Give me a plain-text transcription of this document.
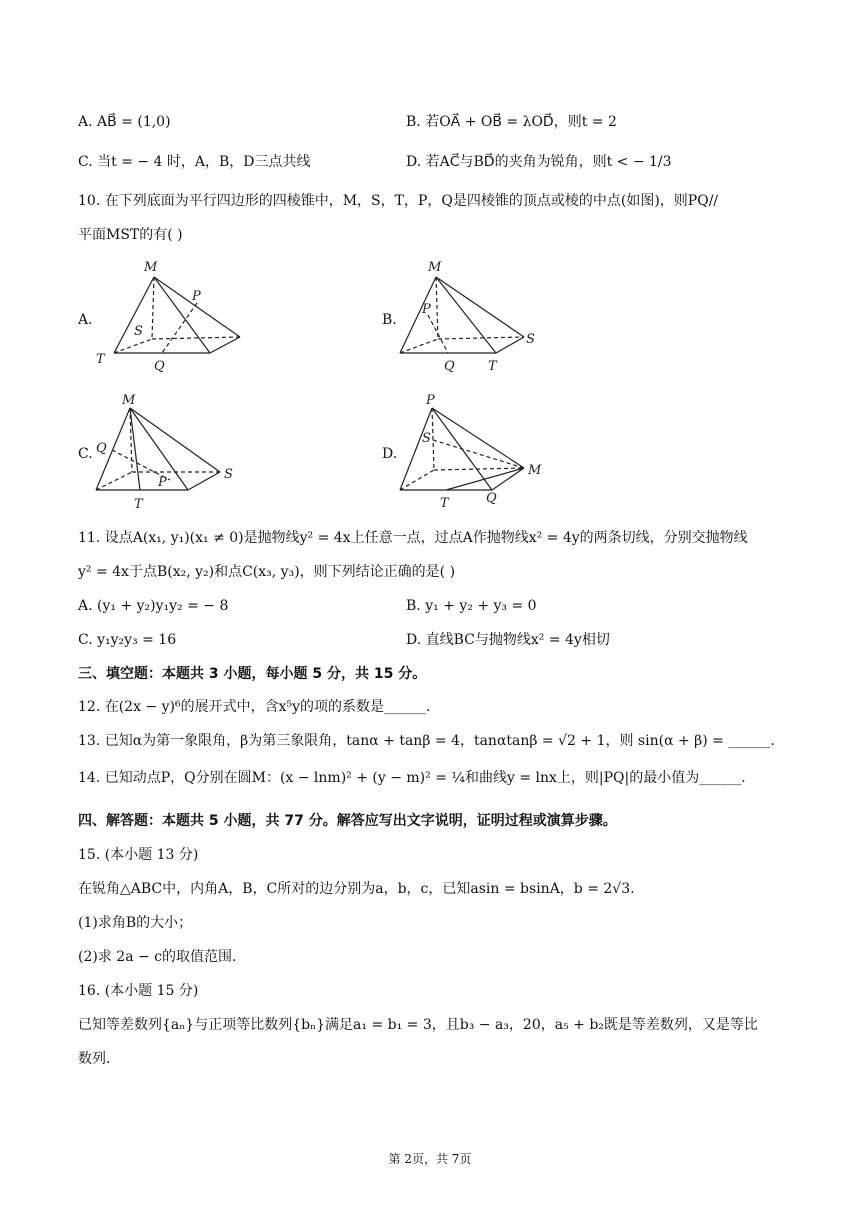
A. AB⃗ = (1,0)	B. 若OA⃗ + OB⃗ = λOD⃗，则t = 2
C. 当t = − 4 时，A，B，D三点共线	D. 若AC⃗与BD⃗的夹角为锐角，则t < − 1/3
10. 在下列底面为平行四边形的四棱锥中，M，S，T，P，Q是四棱锥的顶点或棱的中点(如图)，则PQ//
平面MST的有( )
A.
M
P
S
T	Q
B.
M
P
S
T
Q
C.
M
Q
S
P
T
D.
P
S
M
T	Q
11. 设点A(x₁, y₁)(x₁ ≠ 0)是抛物线y² = 4x上任意一点，过点A作抛物线x² = 4y的两条切线，分别交抛物线
y² = 4x于点B(x₂, y₂)和点C(x₃, y₃)，则下列结论正确的是( )
A. (y₁ + y₂)y₁y₂ = − 8	B. y₁ + y₂ + y₃ = 0
C. y₁y₂y₃ = 16	D. 直线BC与抛物线x² = 4y相切
三、填空题：本题共 3 小题，每小题 5 分，共 15 分。
12. 在(2x − y)⁶的展开式中，含x⁵y的项的系数是______.
13. 已知α为第一象限角，β为第三象限角，tanα + tanβ = 4，tanαtanβ = √2 + 1，则 sin(α + β) = ______.
14. 已知动点P，Q分别在圆M：(x − lnm)² + (y − m)² = ¼和曲线y = lnx上，则|PQ|的最小值为______.
四、解答题：本题共 5 小题，共 77 分。解答应写出文字说明，证明过程或演算步骤。
15. (本小题 13 分)
在锐角△ABC中，内角A，B，C所对的边分别为a，b，c，已知asin = bsinA，b = 2√3.
(1)求角B的大小；
(2)求 2a − c的取值范围.
16. (本小题 15 分)
已知等差数列{aₙ}与正项等比数列{bₙ}满足a₁ = b₁ = 3，且b₃ − a₃，20，a₅ + b₂既是等差数列，又是等比
数列.
第 2页，共 7页
